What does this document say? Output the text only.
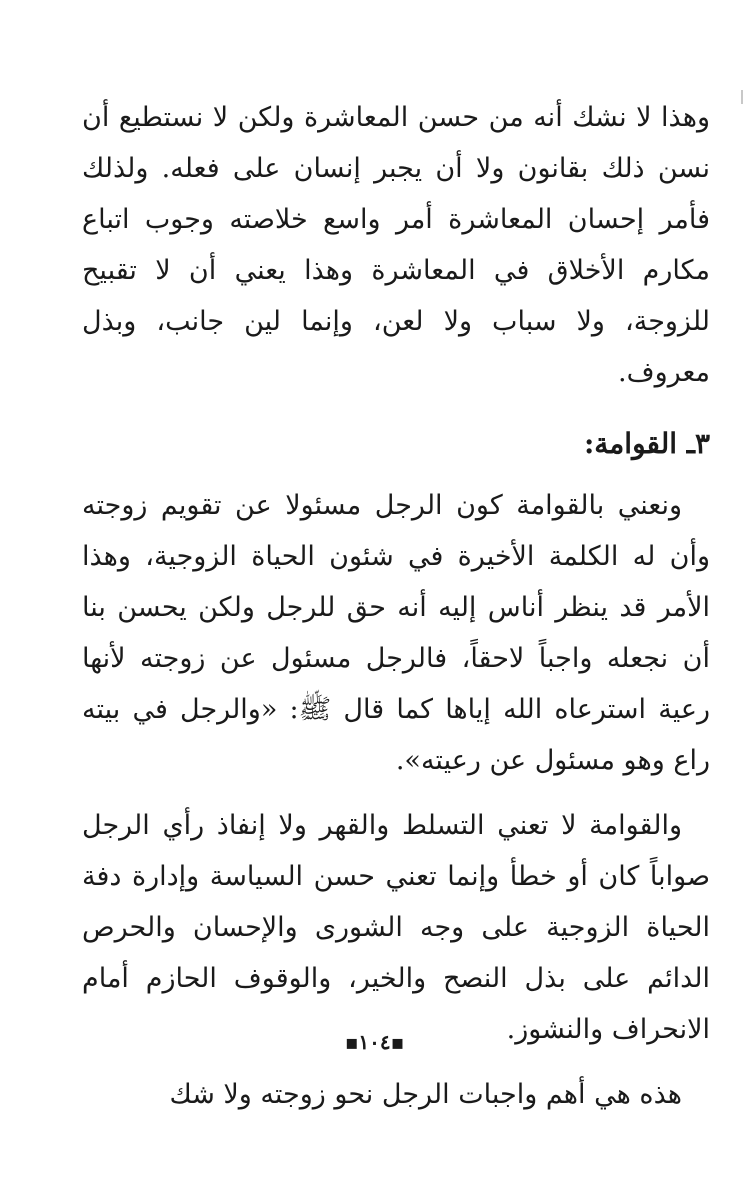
وهذا لا نشك أنه من حسن المعاشرة ولكن لا نستطيع أن نسن ذلك بقانون ولا أن يجبر إنسان على فعله. ولذلك فأمر إحسان المعاشرة أمر واسع خلاصته وجوب اتباع مكارم الأخلاق في المعاشرة وهذا يعني أن لا تقبيح للزوجة، ولا سباب ولا لعن، وإنما لين جانب، وبذل معروف.

٣ـ القوامة:

ونعني بالقوامة كون الرجل مسئولا عن تقويم زوجته وأن له الكلمة الأخيرة في شئون الحياة الزوجية، وهذا الأمر قد ينظر أناس إليه أنه حق للرجل ولكن يحسن بنا أن نجعله واجباً لاحقاً، فالرجل مسئول عن زوجته لأنها رعية استرعاه الله إياها كما قال ﷺ: «والرجل في بيته راع وهو مسئول عن رعيته».

والقوامة لا تعني التسلط والقهر ولا إنفاذ رأي الرجل صواباً كان أو خطأ وإنما تعني حسن السياسة وإدارة دفة الحياة الزوجية على وجه الشورى والإحسان والحرص الدائم على بذل النصح والخير، والوقوف الحازم أمام الانحراف والنشوز.

هذه هي أهم واجبات الرجل نحو زوجته ولا شك

▪١٠٤▪
